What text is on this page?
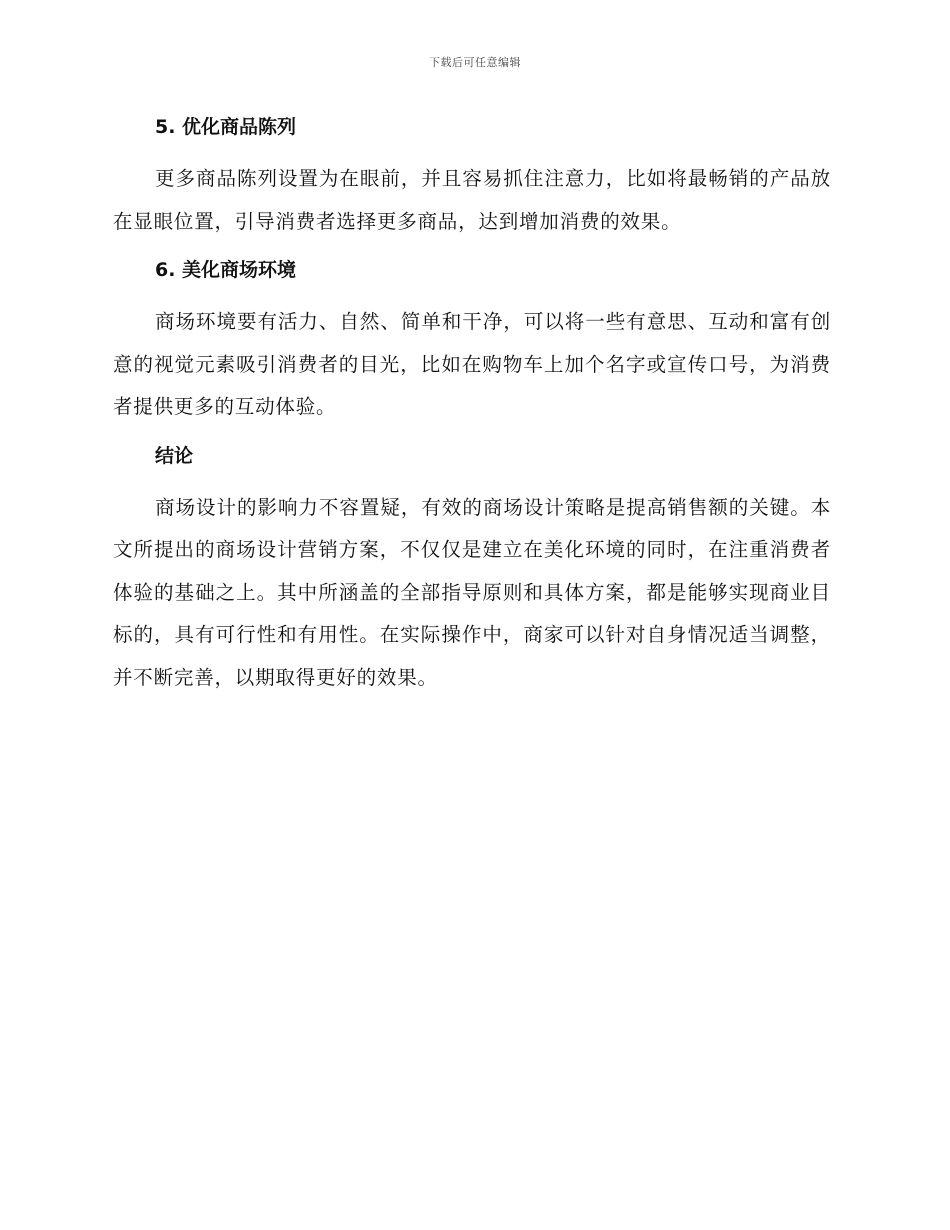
下载后可任意编辑
5. 优化商品陈列

更多商品陈列设置为在眼前，并且容易抓住注意力，比如将最畅销的产品放在显眼位置，引导消费者选择更多商品，达到增加消费的效果。

6. 美化商场环境

商场环境要有活力、自然、简单和干净，可以将一些有意思、互动和富有创意的视觉元素吸引消费者的目光，比如在购物车上加个名字或宣传口号，为消费者提供更多的互动体验。

结论

商场设计的影响力不容置疑，有效的商场设计策略是提高销售额的关键。本文所提出的商场设计营销方案，不仅仅是建立在美化环境的同时，在注重消费者体验的基础之上。其中所涵盖的全部指导原则和具体方案，都是能够实现商业目标的，具有可行性和有用性。在实际操作中，商家可以针对自身情况适当调整，并不断完善，以期取得更好的效果。
